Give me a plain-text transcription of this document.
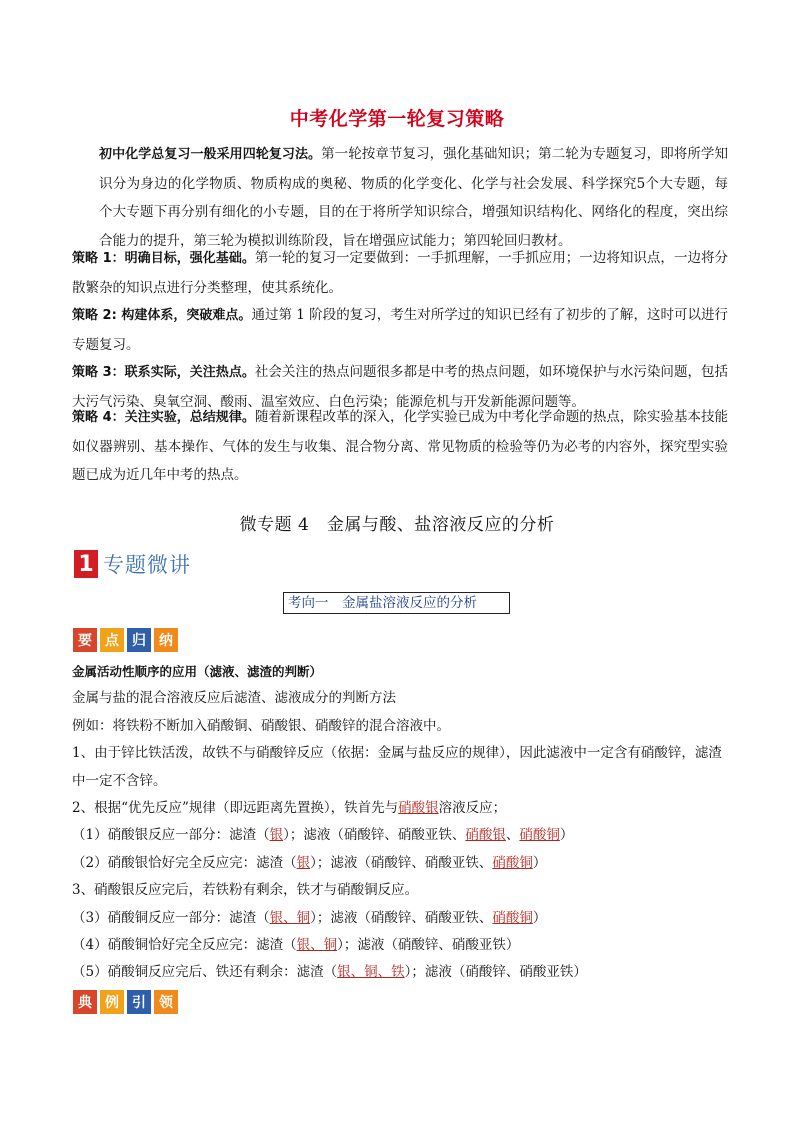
中考化学第一轮复习策略
初中化学总复习一般采用四轮复习法。第一轮按章节复习，强化基础知识；第二轮为专题复习，即将所学知识分为身边的化学物质、物质构成的奥秘、物质的化学变化、化学与社会发展、科学探究5个大专题，每个大专题下再分别有细化的小专题，目的在于将所学知识综合，增强知识结构化、网络化的程度，突出综合能力的提升，第三轮为模拟训练阶段，旨在增强应试能力；第四轮回归教材。
策略 1：明确目标，强化基础。第一轮的复习一定要做到：一手抓理解，一手抓应用；一边将知识点，一边将分散繁杂的知识点进行分类整理，使其系统化。
策略 2: 构建体系，突破难点。通过第 1 阶段的复习，考生对所学过的知识已经有了初步的了解，这时可以进行专题复习。
策略 3：联系实际，关注热点。社会关注的热点问题很多都是中考的热点问题，如环境保护与水污染问题，包括大污气污染、臭氧空洞、酸雨、温室效应、白色污染；能源危机与开发新能源问题等。
策略 4：关注实验，总结规律。随着新课程改革的深入，化学实验已成为中考化学命题的热点，除实验基本技能如仪器辨别、基本操作、气体的发生与收集、混合物分离、常见物质的检验等仍为必考的内容外，探究型实验题已成为近几年中考的热点。
微专题 4　金属与酸、盐溶液反应的分析
1 专题微讲
考向一　金属盐溶液反应的分析
要 点 归 纳
金属活动性顺序的应用（滤液、滤渣的判断）
金属与盐的混合溶液反应后滤渣、滤液成分的判断方法
例如：将铁粉不断加入硝酸铜、硝酸银、硝酸锌的混合溶液中。
1、由于锌比铁活泼，故铁不与硝酸锌反应（依据：金属与盐反应的规律），因此滤液中一定含有硝酸锌，滤渣中一定不含锌。
2、根据“优先反应”规律（即远距离先置换），铁首先与硝酸银溶液反应；
（1）硝酸银反应一部分：滤渣（银）；滤液（硝酸锌、硝酸亚铁、硝酸银、硝酸铜）
（2）硝酸银恰好完全反应完：滤渣（银）；滤液（硝酸锌、硝酸亚铁、硝酸铜）
3、硝酸银反应完后，若铁粉有剩余，铁才与硝酸铜反应。
（3）硝酸铜反应一部分：滤渣（银、铜）；滤液（硝酸锌、硝酸亚铁、硝酸铜）
（4）硝酸铜恰好完全反应完：滤渣（银、铜）；滤液（硝酸锌、硝酸亚铁）
（5）硝酸铜反应完后、铁还有剩余：滤渣（银、铜、铁）；滤液（硝酸锌、硝酸亚铁）
典 例 引 领
